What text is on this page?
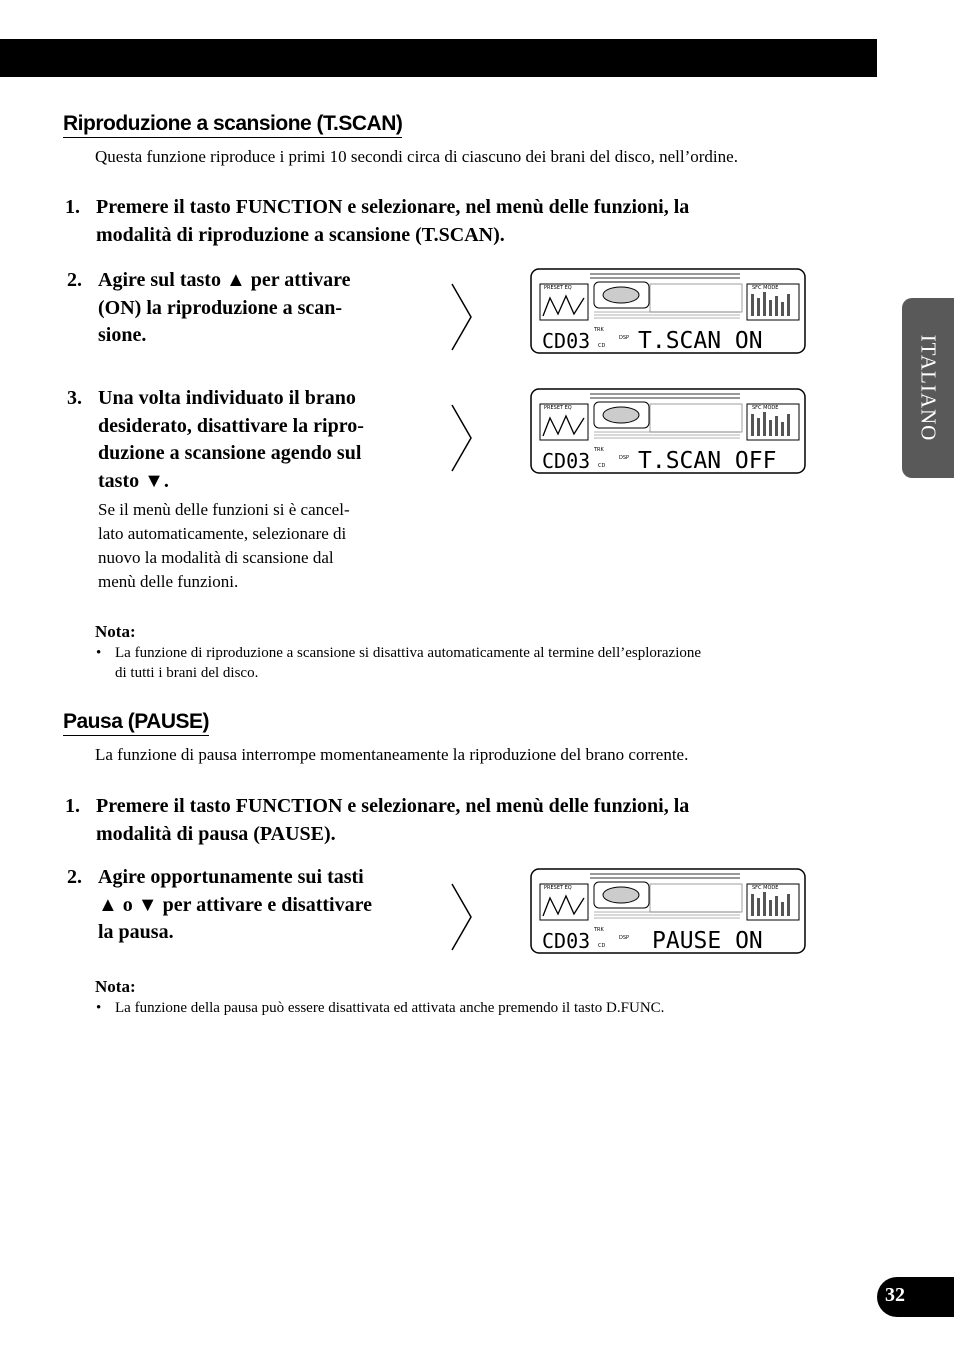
ITALIANO
Riproduzione a scansione (T.SCAN)
Questa funzione riproduce i primi 10 secondi circa di ciascuno dei brani del disco, nell’ordine.
1. Premere il tasto FUNCTION e selezionare, nel menù delle funzioni, la
modalità di riproduzione a scansione (T.SCAN).
2. Agire sul tasto ▲ per attivare
(ON) la riproduzione a scan-
sione.
3. Una volta individuato il brano
desiderato, disattivare la ripro-
duzione a scansione agendo sul
tasto ▼.
Se il menù delle funzioni si è cancel-
lato automaticamente, selezionare di
nuovo la modalità di scansione dal
menù delle funzioni.
Nota:
• La funzione di riproduzione a scansione si disattiva automaticamente al termine dell’esplorazione
di tutti i brani del disco.
Pausa (PAUSE)
La funzione di pausa interrompe momentaneamente la riproduzione del brano corrente.
1. Premere il tasto FUNCTION e selezionare, nel menù delle funzioni, la
modalità di pausa (PAUSE).
2. Agire opportunamente sui tasti
▲ o ▼ per attivare e disattivare
la pausa.
Nota:
• La funzione della pausa può essere disattivata ed attivata anche premendo il tasto D.FUNC.
PRESET EQ	SFC MODE
TRK
CD03 CD
DSP T.SCAN ON
PRESET EQ	SFC MODE
TRK
CD03 CD
DSP T.SCAN OFF
PRESET EQ	SFC MODE
TRK
CD03 CD
DSP PAUSE ON
32
